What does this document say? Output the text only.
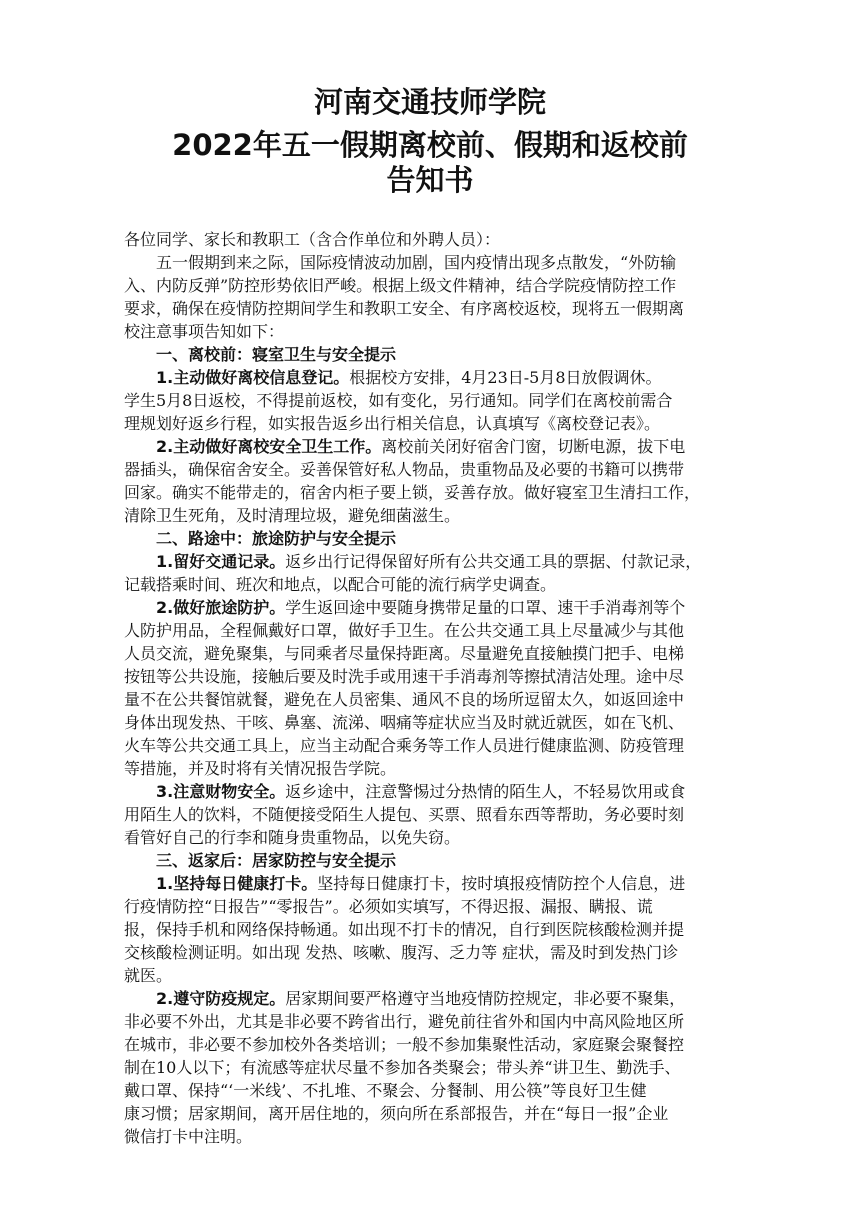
河南交通技师学院
2022年五一假期离校前、假期和返校前
告知书
各位同学、家长和教职工（含合作单位和外聘人员）：
五一假期到来之际，国际疫情波动加剧，国内疫情出现多点散发，“外防输
入、内防反弹”防控形势依旧严峻。根据上级文件精神，结合学院疫情防控工作
要求，确保在疫情防控期间学生和教职工安全、有序离校返校，现将五一假期离
校注意事项告知如下：
一、离校前：寝室卫生与安全提示
1.主动做好离校信息登记。根据校方安排，4月23日-5月8日放假调休。
学生5月8日返校，不得提前返校，如有变化，另行通知。同学们在离校前需合
理规划好返乡行程，如实报告返乡出行相关信息，认真填写《离校登记表》。
2.主动做好离校安全卫生工作。离校前关闭好宿舍门窗，切断电源，拔下电
器插头，确保宿舍安全。妥善保管好私人物品，贵重物品及必要的书籍可以携带
回家。确实不能带走的，宿舍内柜子要上锁，妥善存放。做好寝室卫生清扫工作，
清除卫生死角，及时清理垃圾，避免细菌滋生。
二、路途中：旅途防护与安全提示
1.留好交通记录。返乡出行记得保留好所有公共交通工具的票据、付款记录，
记载搭乘时间、班次和地点，以配合可能的流行病学史调查。
2.做好旅途防护。学生返回途中要随身携带足量的口罩、速干手消毒剂等个
人防护用品，全程佩戴好口罩，做好手卫生。在公共交通工具上尽量减少与其他
人员交流，避免聚集，与同乘者尽量保持距离。尽量避免直接触摸门把手、电梯
按钮等公共设施，接触后要及时洗手或用速干手消毒剂等擦拭清洁处理。途中尽
量不在公共餐馆就餐，避免在人员密集、通风不良的场所逗留太久，如返回途中
身体出现发热、干咳、鼻塞、流涕、咽痛等症状应当及时就近就医，如在飞机、
火车等公共交通工具上，应当主动配合乘务等工作人员进行健康监测、防疫管理
等措施，并及时将有关情况报告学院。
3.注意财物安全。返乡途中，注意警惕过分热情的陌生人，不轻易饮用或食
用陌生人的饮料，不随便接受陌生人提包、买票、照看东西等帮助，务必要时刻
看管好自己的行李和随身贵重物品，以免失窃。
三、返家后：居家防控与安全提示
1.坚持每日健康打卡。坚持每日健康打卡，按时填报疫情防控个人信息，进
行疫情防控“日报告”“零报告”。必须如实填写，不得迟报、漏报、瞒报、谎
报，保持手机和网络保持畅通。如出现不打卡的情况，自行到医院核酸检测并提
交核酸检测证明。如出现 发热、咳嗽、腹泻、乏力等 症状，需及时到发热门诊
就医。
2.遵守防疫规定。居家期间要严格遵守当地疫情防控规定，非必要不聚集，
非必要不外出，尤其是非必要不跨省出行，避免前往省外和国内中高风险地区所
在城市，非必要不参加校外各类培训；一般不参加集聚性活动，家庭聚会聚餐控
制在10人以下；有流感等症状尽量不参加各类聚会；带头养“讲卫生、勤洗手、
戴口罩、保持“‘一米线’、不扎堆、不聚会、分餐制、用公筷”等良好卫生健
康习惯；居家期间，离开居住地的，须向所在系部报告，并在“每日一报”企业
微信打卡中注明。
